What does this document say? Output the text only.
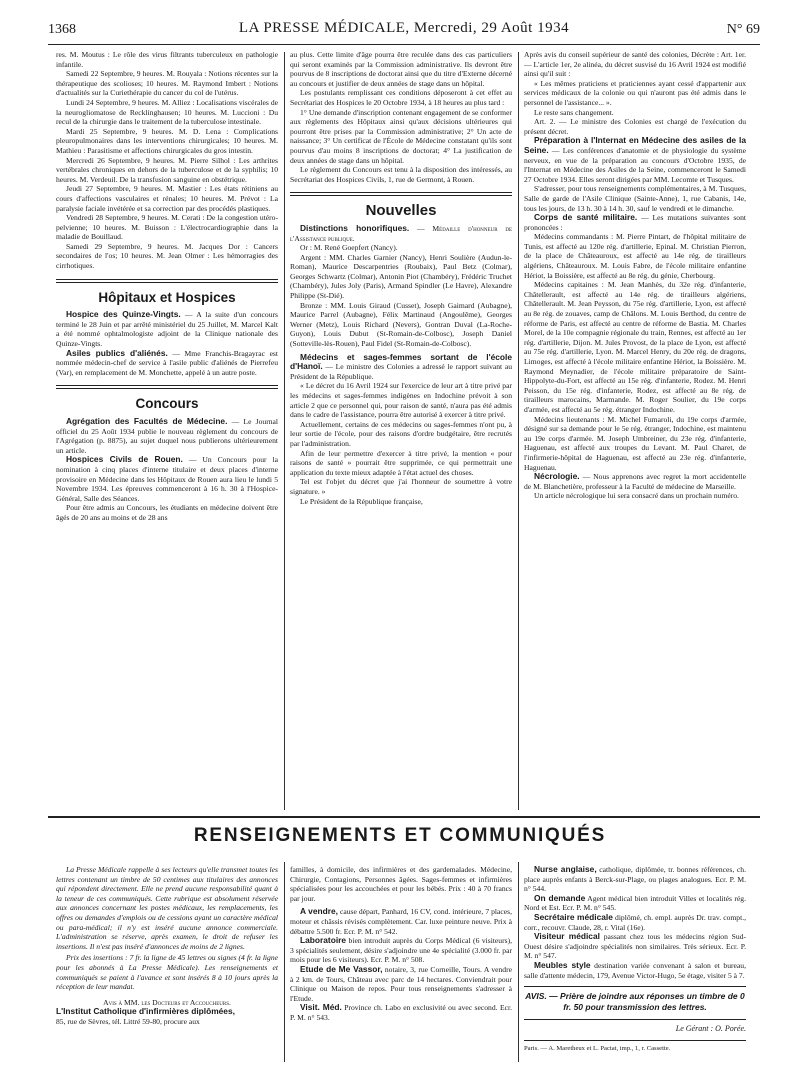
1368	LA PRESSE MÉDICALE, Mercredi, 29 Août 1934	N° 69

res. M. Moutus : Le rôle des virus filtrants tuberculeux en pathologie infantile.

Samedi 22 Septembre, 9 heures. M. Rouyala : Notions récentes sur la thérapeutique des scolioses; 10 heures. M. Raymond Imbert : Notions d'actualités sur la Curiethérapie du cancer du col de l'utérus.

Lundi 24 Septembre, 9 heures. M. Alliez : Localisations viscérales de la neurogliomatose de Recklinghausen; 10 heures. M. Luccioni : Du recul de la chirurgie dans le traitement de la tuberculose intestinale.

Mardi 25 Septembre, 9 heures. M. D. Lena : Complications pleuropulmonaires dans les interventions chirurgicales; 10 heures. M. Mathieu : Parasitisme et affections chirurgicales du gros intestin.

Mercredi 26 Septembre, 9 heures. M. Pierre Silhol : Les arthrites vertébrales chroniques en dehors de la tuberculose et de la syphilis; 10 heures. M. Verdeuil. De la transfusion sanguine en obstétrique.

Jeudi 27 Septembre, 9 heures. M. Mastier : Les états rétiniens au cours d'affections vasculaires et rénales; 10 heures. M. Prévot : La paralysie faciale invétérée et sa correction par des procédés plastiques.

Vendredi 28 Septembre, 9 heures. M. Cerati : De la congestion utéro-pelvienne; 10 heures. M. Buisson : L'électrocardiographie dans la maladie de Bouillaud.

Samedi 29 Septembre, 9 heures. M. Jacques Dor : Cancers secondaires de l'os; 10 heures. M. Jean Olmer : Les hémorragies des cirrhotiques.

Hôpitaux et Hospices

Hospice des Quinze-Vingts. — A la suite d'un concours terminé le 28 Juin et par arrêté ministériel du 25 Juillet, M. Marcel Kalt a été nommé ophtalmologiste adjoint de la Clinique nationale des Quinze-Vingts.

Asiles publics d'aliénés. — Mme Franchis-Bragayrac est nommée médecin-chef de service à l'asile public d'aliénés de Pierrefeu (Var), en remplacement de M. Monchette, appelé à un autre poste.

Concours

Agrégation des Facultés de Médecine. — Le Journal officiel du 25 Août 1934 publie le nouveau règlement du concours de l'Agrégation (p. 8875), au sujet duquel nous publierons ultérieurement un article.

Hospices Civils de Rouen. — Un Concours pour la nomination à cinq places d'interne titulaire et deux places d'interne provisoire en Médecine dans les Hôpitaux de Rouen aura lieu le lundi 5 Novembre 1934. Les épreuves commenceront à 16 h. 30 à l'Hospice-Général, Salle des Séances.

Pour être admis au Concours, les étudiants en médecine doivent être âgés de 20 ans au moins et de 28 ans

au plus. Cette limite d'âge pourra être reculée dans des cas particuliers qui seront examinés par la Commission administrative. Ils devront être pourvus de 8 inscriptions de doctorat ainsi que du titre d'Externe décerné au concours et justifier de deux années de stage dans un hôpital.

Les postulants remplissant ces conditions déposeront à cet effet au Secrétariat des Hospices le 20 Octobre 1934, à 18 heures au plus tard :

1° Une demande d'inscription contenant engagement de se conformer aux règlements des Hôpitaux ainsi qu'aux décisions ultérieures qui pourront être prises par la Commission administrative; 2° Un acte de naissance; 3° Un certificat de l'École de Médecine constatant qu'ils sont pourvus d'au moins 8 inscriptions de doctorat; 4° La justification de deux années de stage dans un hôpital.

Le règlement du Concours est tenu à la disposition des intéressés, au Secrétariat des Hospices Civils, 1, rue de Germont, à Rouen.

Nouvelles

Distinctions honorifiques. — Médaille d'honneur de l'Assistance publique.

Or : M. René Goepfert (Nancy).

Argent : MM. Charles Garnier (Nancy), Henri Soulière (Audun-le-Roman), Maurice Descarpentries (Roubaix), Paul Betz (Colmar), Georges Schwartz (Colmar), Antonin Piot (Chambéry), Frédéric Truchet (Chambéry), Jules Joly (Paris), Armand Spindler (Le Havre), Alexandre Philippe (St-Dié).

Bronze : MM. Louis Giraud (Cusset), Joseph Gaimard (Aubagne), Maurice Parrel (Aubagne), Félix Martinaud (Angoulême), Georges Werner (Metz), Louis Richard (Nevers), Gontran Duval (La-Roche-Guyon), Louis Dubut (St-Romain-de-Colbosc), Joseph Daniel (Sotteville-lès-Rouen), Paul Fidel (St-Romain-de-Colbosc).

Médecins et sages-femmes sortant de l'école d'Hanoï. — Le ministre des Colonies a adressé le rapport suivant au Président de la République.

« Le décret du 16 Avril 1924 sur l'exercice de leur art à titre privé par les médecins et sages-femmes indigènes en Indochine prévoit à son article 2 que ce personnel qui, pour raison de santé, n'aura pas été admis dans le cadre de l'assistance, pourra être autorisé à exercer à titre privé.

Actuellement, certains de ces médecins ou sages-femmes n'ont pu, à leur sortie de l'école, pour des raisons d'ordre budgétaire, être recrutés par l'administration.

Afin de leur permettre d'exercer à titre privé, la mention « pour raisons de santé » pourrait être supprimée, ce qui permettrait une application du texte mieux adaptée à l'état actuel des choses.

Tel est l'objet du décret que j'ai l'honneur de soumettre à votre signature. »

Le Président de la République française,

Après avis du conseil supérieur de santé des colonies, Décrète : Art. 1er. — L'article 1er, 2e alinéa, du décret susvisé du 16 Avril 1924 est modifié ainsi qu'il suit :

« Les mêmes praticiens et praticiennes ayant cessé d'appartenir aux services médicaux de la colonie ou qui n'auront pas été admis dans le personnel de l'assistance... ».

Le reste sans changement.

Art. 2. — Le ministre des Colonies est chargé de l'exécution du présent décret.

Préparation à l'Internat en Médecine des asiles de la Seine. — Les conférences d'anatomie et de physiologie du système nerveux, en vue de la préparation au concours d'Octobre 1935, de l'Internat en Médecine des Asiles de la Seine, commenceront le Samedi 27 Octobre 1934. Elles seront dirigées par MM. Lecomte et Tusques.

S'adresser, pour tous renseignements complémentaires, à M. Tusques, Salle de garde de l'Asile Clinique (Sainte-Anne), 1, rue Cabanis, 14e, tous les jours, de 13 h. 30 à 14 h. 30, sauf le vendredi et le dimanche.

Corps de santé militaire. — Les mutations suivantes sont prononcées :

Médecins commandants : M. Pierre Pintart, de l'hôpital militaire de Tunis, est affecté au 120e rég. d'artillerie, Epinal. M. Christian Pierron, de la place de Châteauroux, est affecté au 14e rég. de tirailleurs algériens, Châteauroux. M. Louis Fabre, de l'école militaire enfantine Hériot, la Boissière, est affecté au 8e rég. du génie, Cherbourg.

Médecins capitaines : M. Jean Manhès, du 32e rég. d'infanterie, Châtellerault, est affecté au 14e rég. de tirailleurs algériens, Châtellerault. M. Jean Peysson, du 75e rég. d'artillerie, Lyon, est affecté au 8e rég. de zouaves, camp de Châlons. M. Louis Berthod, du centre de réforme de Paris, est affecté au centre de réforme de Bastia. M. Charles Morel, de la 10e compagnie régionale du train, Rennes, est affecté au 1er rég. d'artillerie, Dijon. M. Jules Provost, de la place de Lyon, est affecté au 75e rég. d'artillerie, Lyon. M. Marcel Henry, du 20e rég. de dragons, Limoges, est affecté à l'école militaire enfantine Hériot, la Boissière. M. Raymond Meynadier, de l'école militaire préparatoire de Saint-Hippolyte-du-Fort, est affecté au 15e rég. d'infanterie, Rodez. M. Henri Peisson, du 15e rég. d'infanterie, Rodez, est affecté au 8e rég. de tirailleurs marocains, Marmande. M. Roger Soulier, du 19e corps d'armée, est affecté au 5e rég. étranger Indochine.

Médecins lieutenants : M. Michel Fumaroli, du 19e corps d'armée, désigné sur sa demande pour le 5e rég. étranger, Indochine, est maintenu au 19e corps d'armée. M. Joseph Umbreiner, du 23e rég. d'infanterie, Haguenau, est affecté aux troupes du Levant. M. Paul Charet, de l'infirmerie-hôpital de Haguenau, est affecté au 23e rég. d'infanterie, Haguenau.

Nécrologie. — Nous apprenons avec regret la mort accidentelle de M. Blanchetière, professeur à la Faculté de médecine de Marseille.

Un article nécrologique lui sera consacré dans un prochain numéro.

RENSEIGNEMENTS ET COMMUNIQUÉS

La Presse Médicale rappelle à ses lecteurs qu'elle transmet toutes les lettres contenant un timbre de 50 centimes aux titulaires des annonces qui répondent directement. Elle ne prend aucune responsabilité quant à la teneur de ces communiqués. Cette rubrique est absolument réservée aux annonces concernant les postes médicaux, les remplacements, les offres ou demandes d'emplois ou de cessions ayant un caractère médical ou para-médical; il n'y est inséré aucune annonce commerciale. L'administration se réserve, après examen, le droit de refuser les insertions. Il n'est pas inséré d'annonces de moins de 2 lignes.

Prix des insertions : 7 fr. la ligne de 45 lettres ou signes (4 fr. la ligne pour les abonnés à La Presse Médicale). Les renseignements et communiqués se paient à l'avance et sont insérés 8 à 10 jours après la réception de leur mandat.

Avis à MM. les Docteurs et Accoucheurs.

L'Institut Catholique d'infirmières diplômées,

85, rue de Sèvres, tél. Littré 59-80, procure aux

familles, à domicile, des infirmières et des gardemalades. Médecine, Chirurgie, Contagions, Personnes âgées. Sages-femmes et infirmières spécialisées pour les accouchées et pour les bébés. Prix : 40 à 70 francs par jour.

A vendre, cause départ, Panhard, 16 CV, cond. intérieure, 7 places, moteur et châssis révisés complètement. Car. luxe peinture neuve. Prix à débattre 5.500 fr. Ecr. P. M. n° 542.

Laboratoire bien introduit auprès du Corps Médical (6 visiteurs), 3 spécialités seulement, désire s'adjoindre une 4e spécialité (3.000 fr. par mois pour les 6 visiteurs). Ecr. P. M. n° 508.

Etude de Me Vassor, notaire, 3, rue Corneille, Tours. A vendre à 2 km. de Tours, Château avec parc de 14 hectares. Conviendrait pour Clinique ou Maison de repos. Pour tous renseignements s'adresser à l'Etude.

Visit. Méd. Province ch. Labo en exclusivité ou avec second. Ecr. P. M. n° 543.

Nurse anglaise, catholique, diplômée, tr. bonnes références, ch. place auprès enfants à Berck-sur-Plage, ou plages analogues. Ecr. P. M. n° 544.

On demande Agent médical bien introduit Villes et localités rég. Nord et Est. Ecr. P. M. n° 545.

Secrétaire médicale diplômé, ch. empl. auprès Dr. trav. compt., corr., recouvr. Claude, 28, r. Vital (16e).

Visiteur médical passant chez tous les médecins région Sud-Ouest désire s'adjoindre spécialités non similaires. Très sérieux. Ecr. P. M. n° 547.

Meubles style destination variée convenant à salon et bureau, salle d'attente médecin, 179, Avenue Victor-Hugo, 5e étage, visiter 5 à 7.

AVIS. — Prière de joindre aux réponses un timbre de 0 fr. 50 pour transmission des lettres.
Le Gérant : O. Porée.
Paris. — A. Maretheux et L. Pactat, imp., 1, r. Cassette.
